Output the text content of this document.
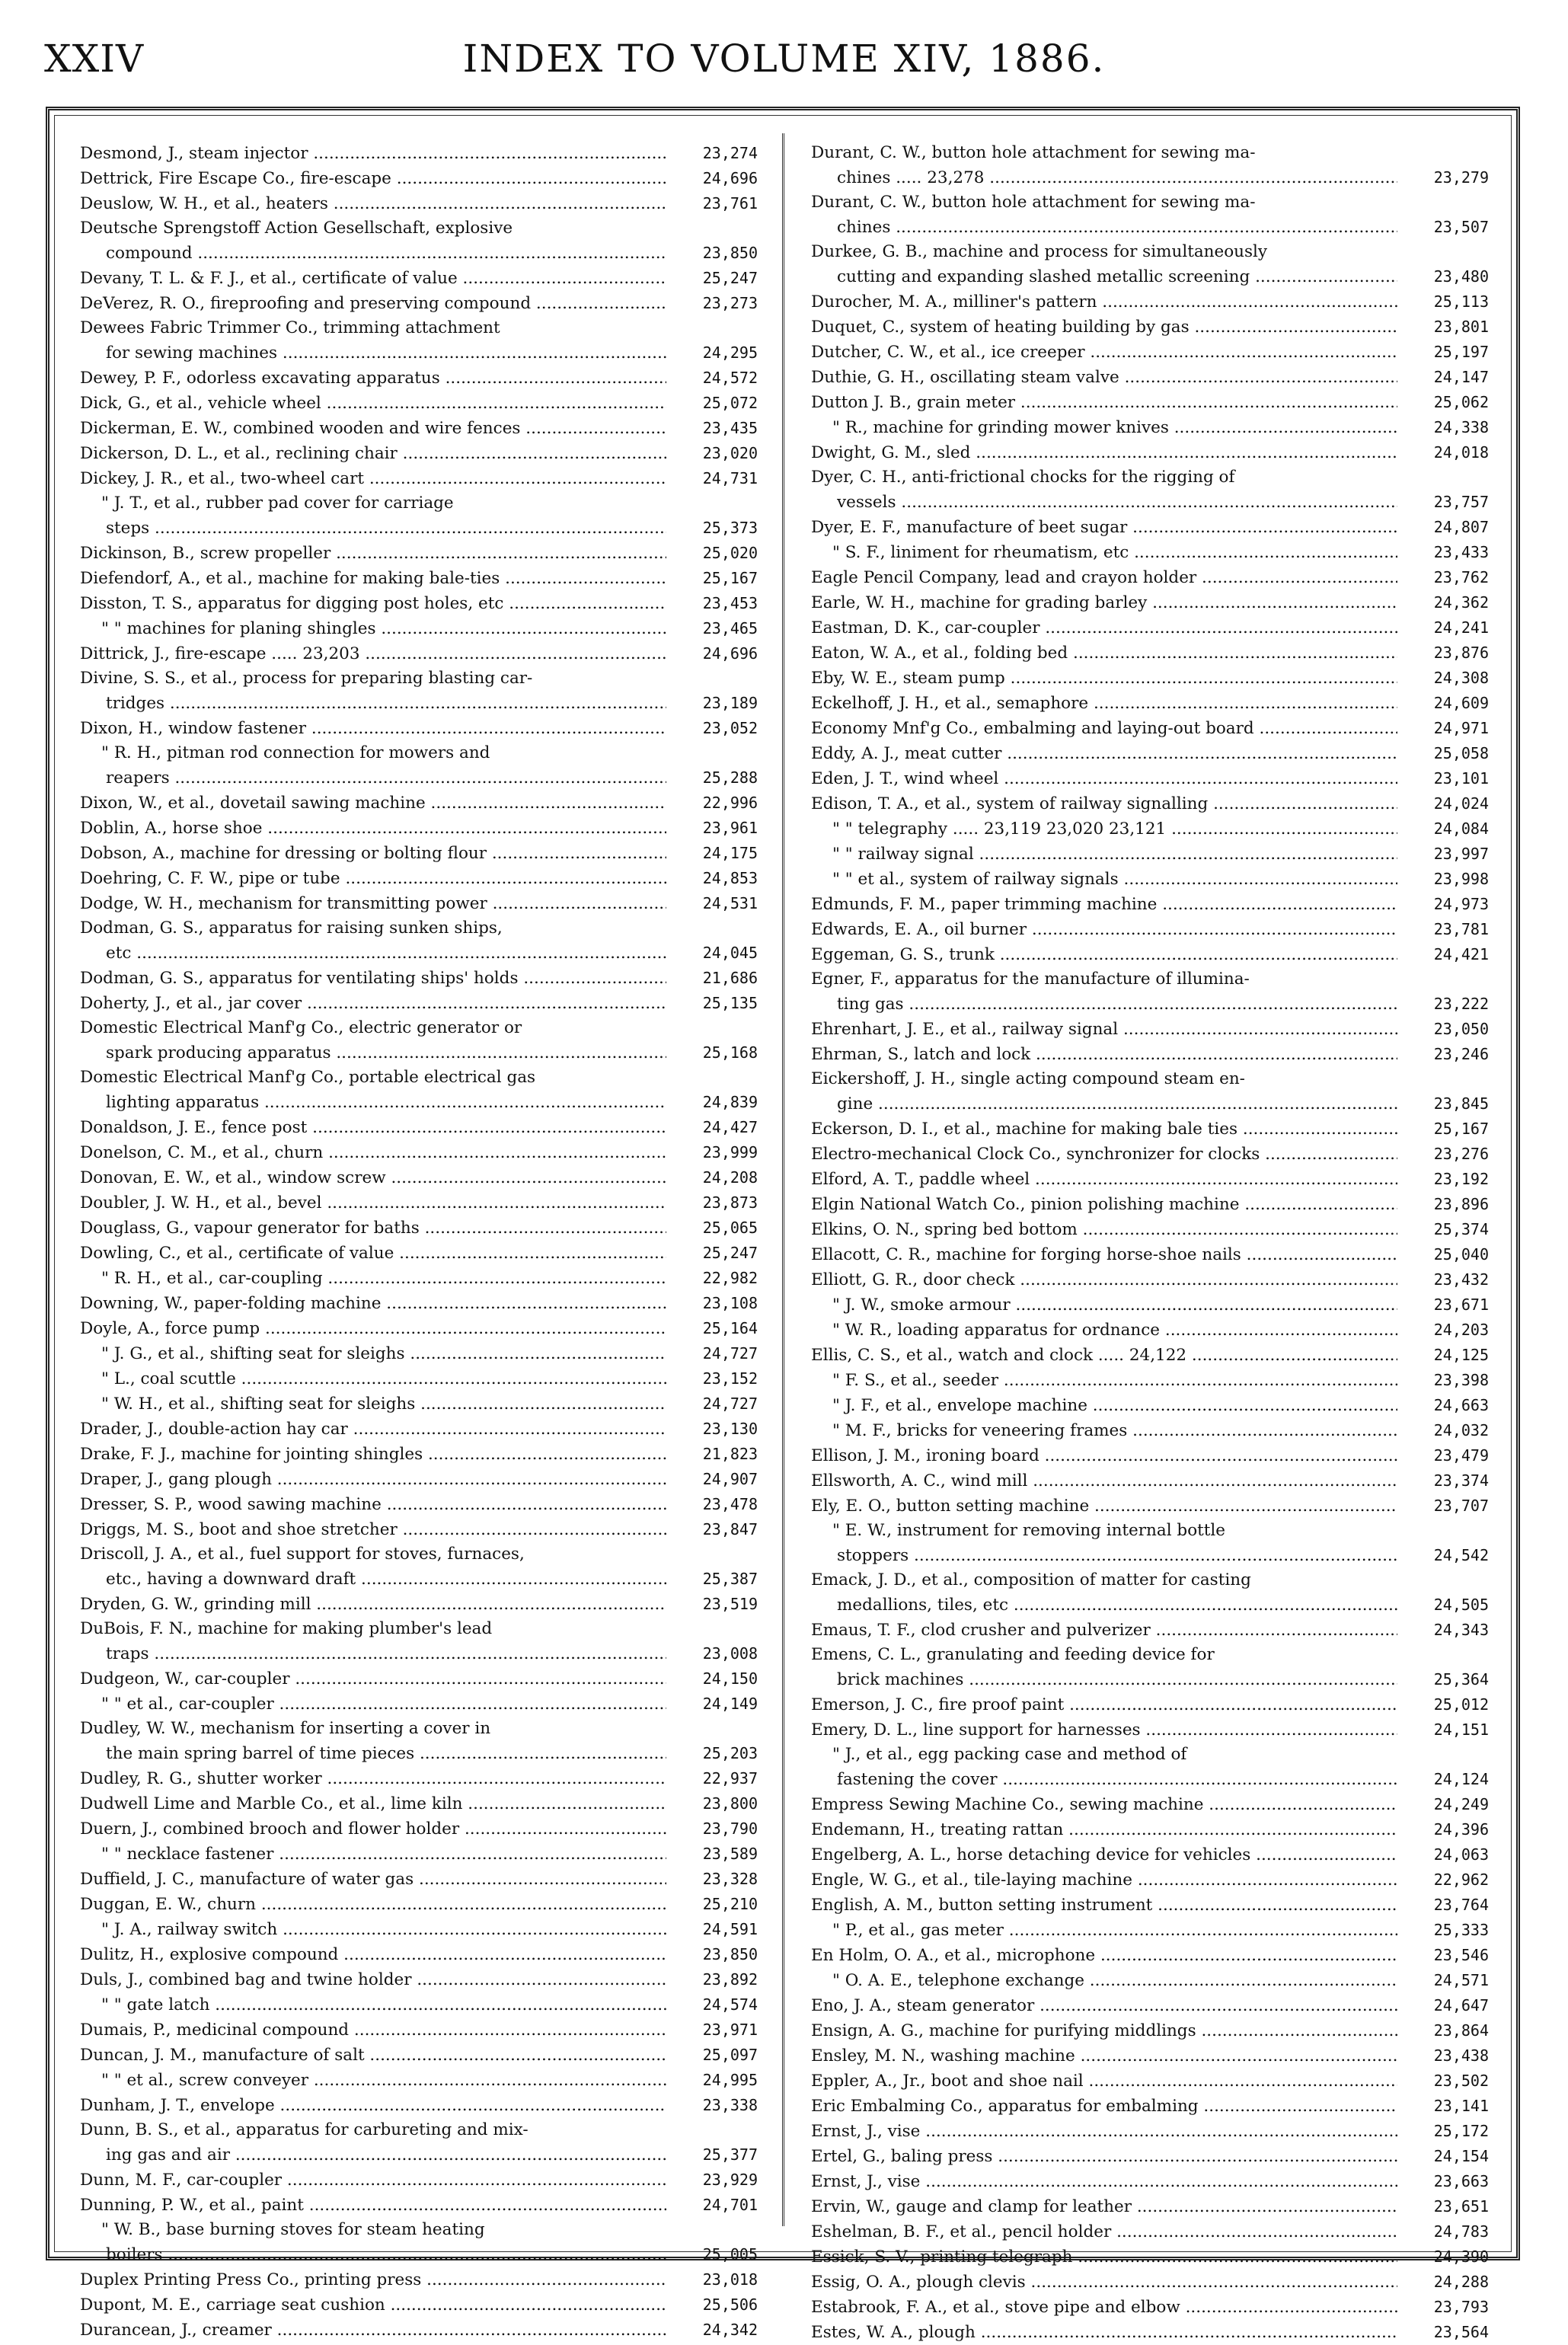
XXIV	INDEX TO VOLUME XIV, 1886.
Desmond, J., steam injector .....	23,274
Dettrick, Fire Escape Co., fire-escape .....	24,696
Deuslow, W. H., et al., heaters .....	23,761
Deutsche Sprengstoff Action Gesellschaft, explosive
compound .....	23,850
Devany, T. L. & F. J., et al., certificate of value .....	25,247
DeVerez, R. O., fireproofing and preserving compound .....	23,273
Dewees Fabric Trimmer Co., trimming attachment
for sewing machines .....	24,295
Dewey, P. F., odorless excavating apparatus .....	24,572
Dick, G., et al., vehicle wheel .....	25,072
Dickerman, E. W., combined wooden and wire fences .....	23,435
Dickerson, D. L., et al., reclining chair .....	23,020
Dickey, J. R., et al., two-wheel cart .....	24,731
" J. T., et al., rubber pad cover for carriage
steps .....	25,373
Dickinson, B., screw propeller .....	25,020
Diefendorf, A., et al., machine for making bale-ties .....	25,167
Disston, T. S., apparatus for digging post holes, etc .....	23,453
" " machines for planing shingles .....	23,465
Dittrick, J., fire-escape ..... 23,203 .....	24,696
Divine, S. S., et al., process for preparing blasting car-
tridges .....	23,189
Dixon, H., window fastener .....	23,052
" R. H., pitman rod connection for mowers and
reapers .....	25,288
Dixon, W., et al., dovetail sawing machine .....	22,996
Doblin, A., horse shoe .....	23,961
Dobson, A., machine for dressing or bolting flour .....	24,175
Doehring, C. F. W., pipe or tube .....	24,853
Dodge, W. H., mechanism for transmitting power .....	24,531
Dodman, G. S., apparatus for raising sunken ships,
etc .....	24,045
Dodman, G. S., apparatus for ventilating ships' holds .....	21,686
Doherty, J., et al., jar cover .....	25,135
Domestic Electrical Manf'g Co., electric generator or
spark producing apparatus .....	25,168
Domestic Electrical Manf'g Co., portable electrical gas
lighting apparatus .....	24,839
Donaldson, J. E., fence post .....	24,427
Donelson, C. M., et al., churn .....	23,999
Donovan, E. W., et al., window screw .....	24,208
Doubler, J. W. H., et al., bevel .....	23,873
Douglass, G., vapour generator for baths .....	25,065
Dowling, C., et al., certificate of value .....	25,247
" R. H., et al., car-coupling .....	22,982
Downing, W., paper-folding machine .....	23,108
Doyle, A., force pump .....	25,164
" J. G., et al., shifting seat for sleighs .....	24,727
" L., coal scuttle .....	23,152
" W. H., et al., shifting seat for sleighs .....	24,727
Drader, J., double-action hay car .....	23,130
Drake, F. J., machine for jointing shingles .....	21,823
Draper, J., gang plough .....	24,907
Dresser, S. P., wood sawing machine .....	23,478
Driggs, M. S., boot and shoe stretcher .....	23,847
Driscoll, J. A., et al., fuel support for stoves, furnaces,
etc., having a downward draft .....	25,387
Dryden, G. W., grinding mill .....	23,519
DuBois, F. N., machine for making plumber's lead
traps .....	23,008
Dudgeon, W., car-coupler .....	24,150
" " et al., car-coupler .....	24,149
Dudley, W. W., mechanism for inserting a cover in
the main spring barrel of time pieces .....	25,203
Dudley, R. G., shutter worker .....	22,937
Dudwell Lime and Marble Co., et al., lime kiln .....	23,800
Duern, J., combined brooch and flower holder .....	23,790
" " necklace fastener .....	23,589
Duffield, J. C., manufacture of water gas .....	23,328
Duggan, E. W., churn .....	25,210
" J. A., railway switch .....	24,591
Dulitz, H., explosive compound .....	23,850
Duls, J., combined bag and twine holder .....	23,892
" " gate latch .....	24,574
Dumais, P., medicinal compound .....	23,971
Duncan, J. M., manufacture of salt .....	25,097
" " et al., screw conveyer .....	24,995
Dunham, J. T., envelope .....	23,338
Dunn, B. S., et al., apparatus for carbureting and mix-
ing gas and air .....	25,377
Dunn, M. F., car-coupler .....	23,929
Dunning, P. W., et al., paint .....	24,701
" W. B., base burning stoves for steam heating
boilers .....	25,005
Duplex Printing Press Co., printing press .....	23,018
Dupont, M. E., carriage seat cushion .....	25,506
Durancean, J., creamer .....	24,342
Durant, C. W., button hole attachment for sewing ma-
chines ..... 23,278 .....	23,279
Durant, C. W., button hole attachment for sewing ma-
chines .....	23,507
Durkee, G. B., machine and process for simultaneously
cutting and expanding slashed metallic screening .....	23,480
Durocher, M. A., milliner's pattern .....	25,113
Duquet, C., system of heating building by gas .....	23,801
Dutcher, C. W., et al., ice creeper .....	25,197
Duthie, G. H., oscillating steam valve .....	24,147
Dutton J. B., grain meter .....	25,062
" R., machine for grinding mower knives .....	24,338
Dwight, G. M., sled .....	24,018
Dyer, C. H., anti-frictional chocks for the rigging of
vessels .....	23,757
Dyer, E. F., manufacture of beet sugar .....	24,807
" S. F., liniment for rheumatism, etc .....	23,433
Eagle Pencil Company, lead and crayon holder .....	23,762
Earle, W. H., machine for grading barley .....	24,362
Eastman, D. K., car-coupler .....	24,241
Eaton, W. A., et al., folding bed .....	23,876
Eby, W. E., steam pump .....	24,308
Eckelhoff, J. H., et al., semaphore .....	24,609
Economy Mnf'g Co., embalming and laying-out board .....	24,971
Eddy, A. J., meat cutter .....	25,058
Eden, J. T., wind wheel .....	23,101
Edison, T. A., et al., system of railway signalling .....	24,024
" " telegraphy ..... 23,119 23,020 23,121 .....	24,084
" " railway signal .....	23,997
" " et al., system of railway signals .....	23,998
Edmunds, F. M., paper trimming machine .....	24,973
Edwards, E. A., oil burner .....	23,781
Eggeman, G. S., trunk .....	24,421
Egner, F., apparatus for the manufacture of illumina-
ting gas .....	23,222
Ehrenhart, J. E., et al., railway signal .....	23,050
Ehrman, S., latch and lock .....	23,246
Eickershoff, J. H., single acting compound steam en-
gine .....	23,845
Eckerson, D. I., et al., machine for making bale ties .....	25,167
Electro-mechanical Clock Co., synchronizer for clocks .....	23,276
Elford, A. T., paddle wheel .....	23,192
Elgin National Watch Co., pinion polishing machine .....	23,896
Elkins, O. N., spring bed bottom .....	25,374
Ellacott, C. R., machine for forging horse-shoe nails .....	25,040
Elliott, G. R., door check .....	23,432
" J. W., smoke armour .....	23,671
" W. R., loading apparatus for ordnance .....	24,203
Ellis, C. S., et al., watch and clock ..... 24,122 .....	24,125
" F. S., et al., seeder .....	23,398
" J. F., et al., envelope machine .....	24,663
" M. F., bricks for veneering frames .....	24,032
Ellison, J. M., ironing board .....	23,479
Ellsworth, A. C., wind mill .....	23,374
Ely, E. O., button setting machine .....	23,707
" E. W., instrument for removing internal bottle
stoppers .....	24,542
Emack, J. D., et al., composition of matter for casting
medallions, tiles, etc .....	24,505
Emaus, T. F., clod crusher and pulverizer .....	24,343
Emens, C. L., granulating and feeding device for
brick machines .....	25,364
Emerson, J. C., fire proof paint .....	25,012
Emery, D. L., line support for harnesses .....	24,151
" J., et al., egg packing case and method of
fastening the cover .....	24,124
Empress Sewing Machine Co., sewing machine .....	24,249
Endemann, H., treating rattan .....	24,396
Engelberg, A. L., horse detaching device for vehicles .....	24,063
Engle, W. G., et al., tile-laying machine .....	22,962
English, A. M., button setting instrument .....	23,764
" P., et al., gas meter .....	25,333
En Holm, O. A., et al., microphone .....	23,546
" O. A. E., telephone exchange .....	24,571
Eno, J. A., steam generator .....	24,647
Ensign, A. G., machine for purifying middlings .....	23,864
Ensley, M. N., washing machine .....	23,438
Eppler, A., Jr., boot and shoe nail .....	23,502
Eric Embalming Co., apparatus for embalming .....	23,141
Ernst, J., vise .....	25,172
Ertel, G., baling press .....	24,154
Ernst, J., vise .....	23,663
Ervin, W., gauge and clamp for leather .....	23,651
Eshelman, B. F., et al., pencil holder .....	24,783
Essick, S. V., printing telegraph .....	24,390
Essig, O. A., plough clevis .....	24,288
Estabrook, F. A., et al., stove pipe and elbow .....	23,793
Estes, W. A., plough .....	23,564
